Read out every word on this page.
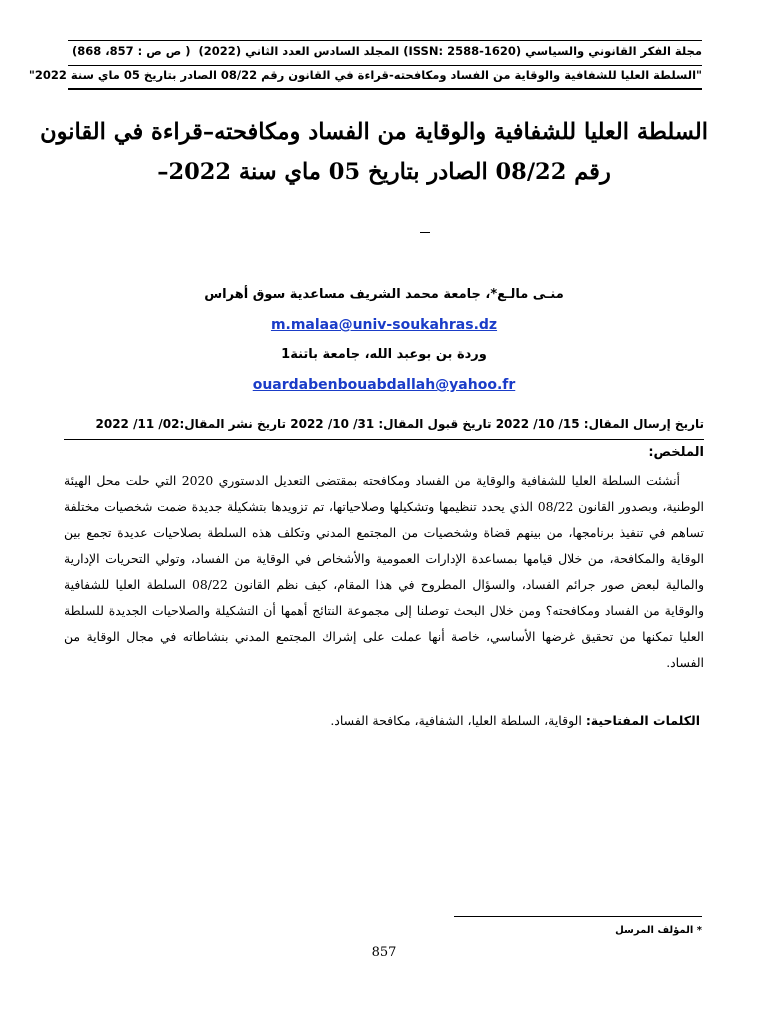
مجلة الفكر القانوني والسياسي (ISSN: 2588-1620) المجلد السادس العدد الثاني (2022)
( ص ص : 857، 868)
"السلطة العليا للشفافية والوقاية من الفساد ومكافحته-قراءة في القانون رقم 08/22 الصادر بتاريخ 05 ماي سنة 2022"
السلطة العليا للشفافية والوقاية من الفساد ومكافحته–قراءة في القانون
رقم 08/22 الصادر بتاريخ 05 ماي سنة 2022–
منـى مالـع*، جامعة محمد الشريف مساعدية سوق أهراس
m.malaa@univ-soukahras.dz
وردة بن بوعبد الله، جامعة باتنة1
ouardabenbouabdallah@yahoo.fr
تاريخ إرسال المقال: 15/ 10/ 2022 تاريخ قبول المقال: 31/ 10/ 2022 تاريخ نشر المقال:02/ 11/ 2022
الملخص:

أنشئت السلطة العليا للشفافية والوقاية من الفساد ومكافحته بمقتضى التعديل الدستوري 2020 التي حلت محل الهيئة الوطنية، وبصدور القانون 08/22 الذي يحدد تنظيمها وتشكيلها وصلاحياتها، تم تزويدها بتشكيلة جديدة ضمت شخصيات مختلفة تساهم في تنفيذ برنامجها، من بينهم قضاة وشخصيات من المجتمع المدني وتكلف هذه السلطة بصلاحيات عديدة تجمع بين الوقاية والمكافحة، من خلال قيامها بمساعدة الإدارات العمومية والأشخاص في الوقاية من الفساد، وتولي التحريات الإدارية والمالية لبعض صور جرائم الفساد، والسؤال المطروح في هذا المقام، كيف نظم القانون 08/22 السلطة العليا للشفافية والوقاية من الفساد ومكافحته؟ ومن خلال البحث توصلنا إلى مجموعة النتائج أهمها أن التشكيلة والصلاحيات الجديدة للسلطة العليا تمكنها من تحقيق غرضها الأساسي، خاصة أنها عملت على إشراك المجتمع المدني بنشاطاته في مجال الوقاية من الفساد.

الكلمات المفتاحية: الوقاية، السلطة العليا، الشفافية، مكافحة الفساد.
* المؤلف المرسل
857
